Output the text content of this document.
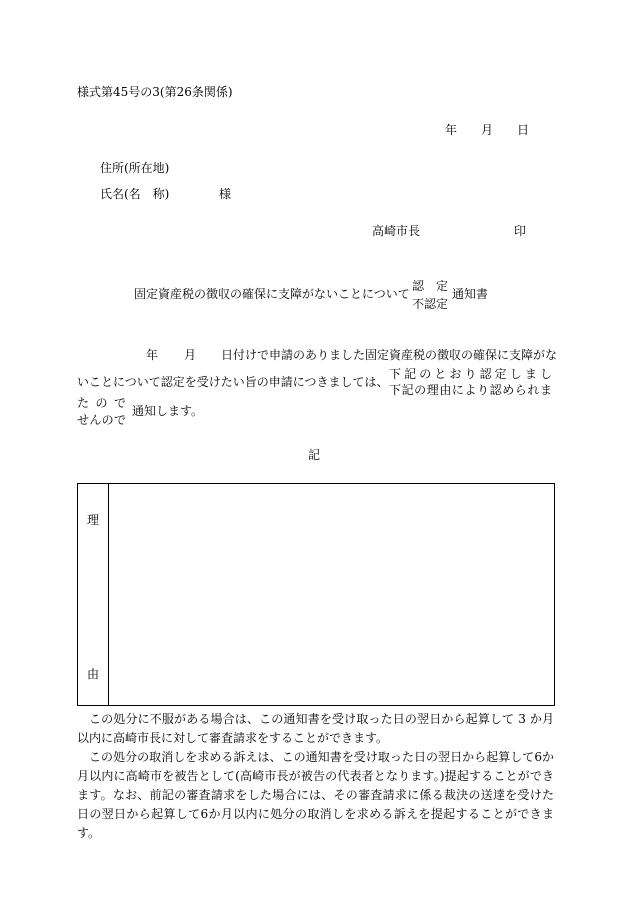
様式第45号の3(第26条関係)
年 月 日
住所(所在地)
氏名(名　称)	様
高崎市長	印
固定資産税の徴収の確保に支障がないことについて
認　定
不認定
通知書
年 月 日付けで申請のありました固定資産税の徴収の確保に支障がな
いことについて認定を受けたい旨の申請につきましては、
下 記 の と お り 認 定 し ま し
下 記 の 理 由 に よ り 認 め ら れ ま
た の で
せ ん の で
通知します。
記
理
由
この処分に不服がある場合は、この通知書を受け取った日の翌日から起算して 3 か月以内に高崎市長に対して審査請求をすることができます。
この処分の取消しを求める訴えは、この通知書を受け取った日の翌日から起算して6か月以内に高崎市を被告として(高崎市長が被告の代表者となります。)提起することができます。なお、前記の審査請求をした場合には、その審査請求に係る裁決の送達を受けた日の翌日から起算して6か月以内に処分の取消しを求める訴えを提起することができます。
